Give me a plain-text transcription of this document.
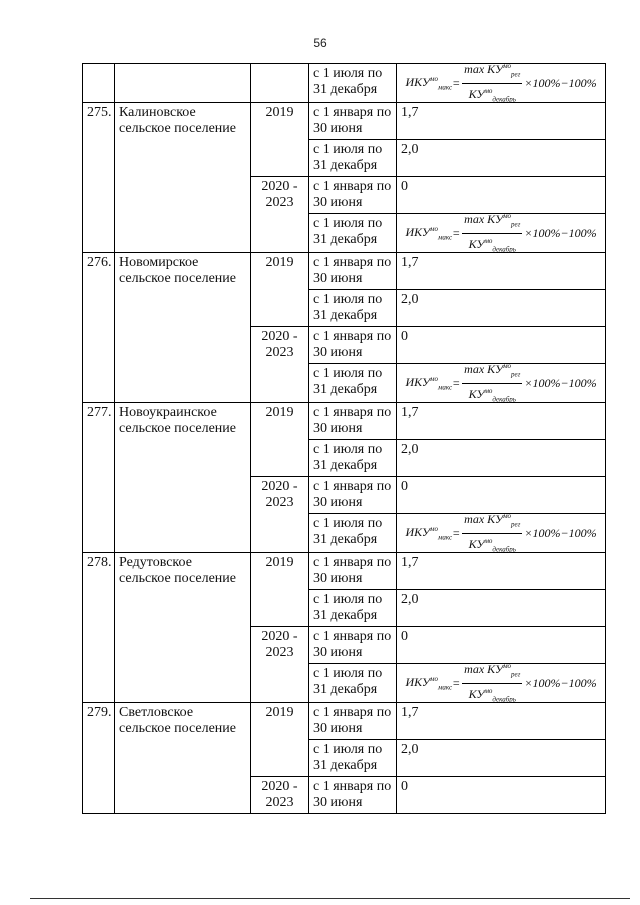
56
			с 1 июля по 31 декабря	$ИКУ^{мо}_{макс} = \frac{\max КУ^{мо}_{рег}}{КУ^{мо}_{декабрь}} \times 100\%-100\%$

275.	Калиновское сельское поселение	2019	с 1 января по 30 июня	1,7
			с 1 июля по 31 декабря	2,0
		2020 - 2023	с 1 января по 30 июня	0
			с 1 июля по 31 декабря	$ИКУ^{мо}_{макс} = \frac{\max КУ^{мо}_{рег}}{КУ^{мо}_{декабрь}} \times 100\%-100\%$

276.	Новомирское сельское поселение	2019	с 1 января по 30 июня	1,7
			с 1 июля по 31 декабря	2,0
		2020 - 2023	с 1 января по 30 июня	0
			с 1 июля по 31 декабря	$ИКУ^{мо}_{макс} = \frac{\max КУ^{мо}_{рег}}{КУ^{мо}_{декабрь}} \times 100\%-100\%$

277.	Новоукраинское сельское поселение	2019	с 1 января по 30 июня	1,7
			с 1 июля по 31 декабря	2,0
		2020 - 2023	с 1 января по 30 июня	0
			с 1 июля по 31 декабря	$ИКУ^{мо}_{макс} = \frac{\max КУ^{мо}_{рег}}{КУ^{мо}_{декабрь}} \times 100\%-100\%$

278.	Редутовское сельское поселение	2019	с 1 января по 30 июня	1,7
			с 1 июля по 31 декабря	2,0
		2020 - 2023	с 1 января по 30 июня	0
			с 1 июля по 31 декабря	$ИКУ^{мо}_{макс} = \frac{\max КУ^{мо}_{рег}}{КУ^{мо}_{декабрь}} \times 100\%-100\%$

279.	Светловское сельское поселение	2019	с 1 января по 30 июня	1,7
			с 1 июля по 31 декабря	2,0
		2020 - 2023	с 1 января по 30 июня	0
